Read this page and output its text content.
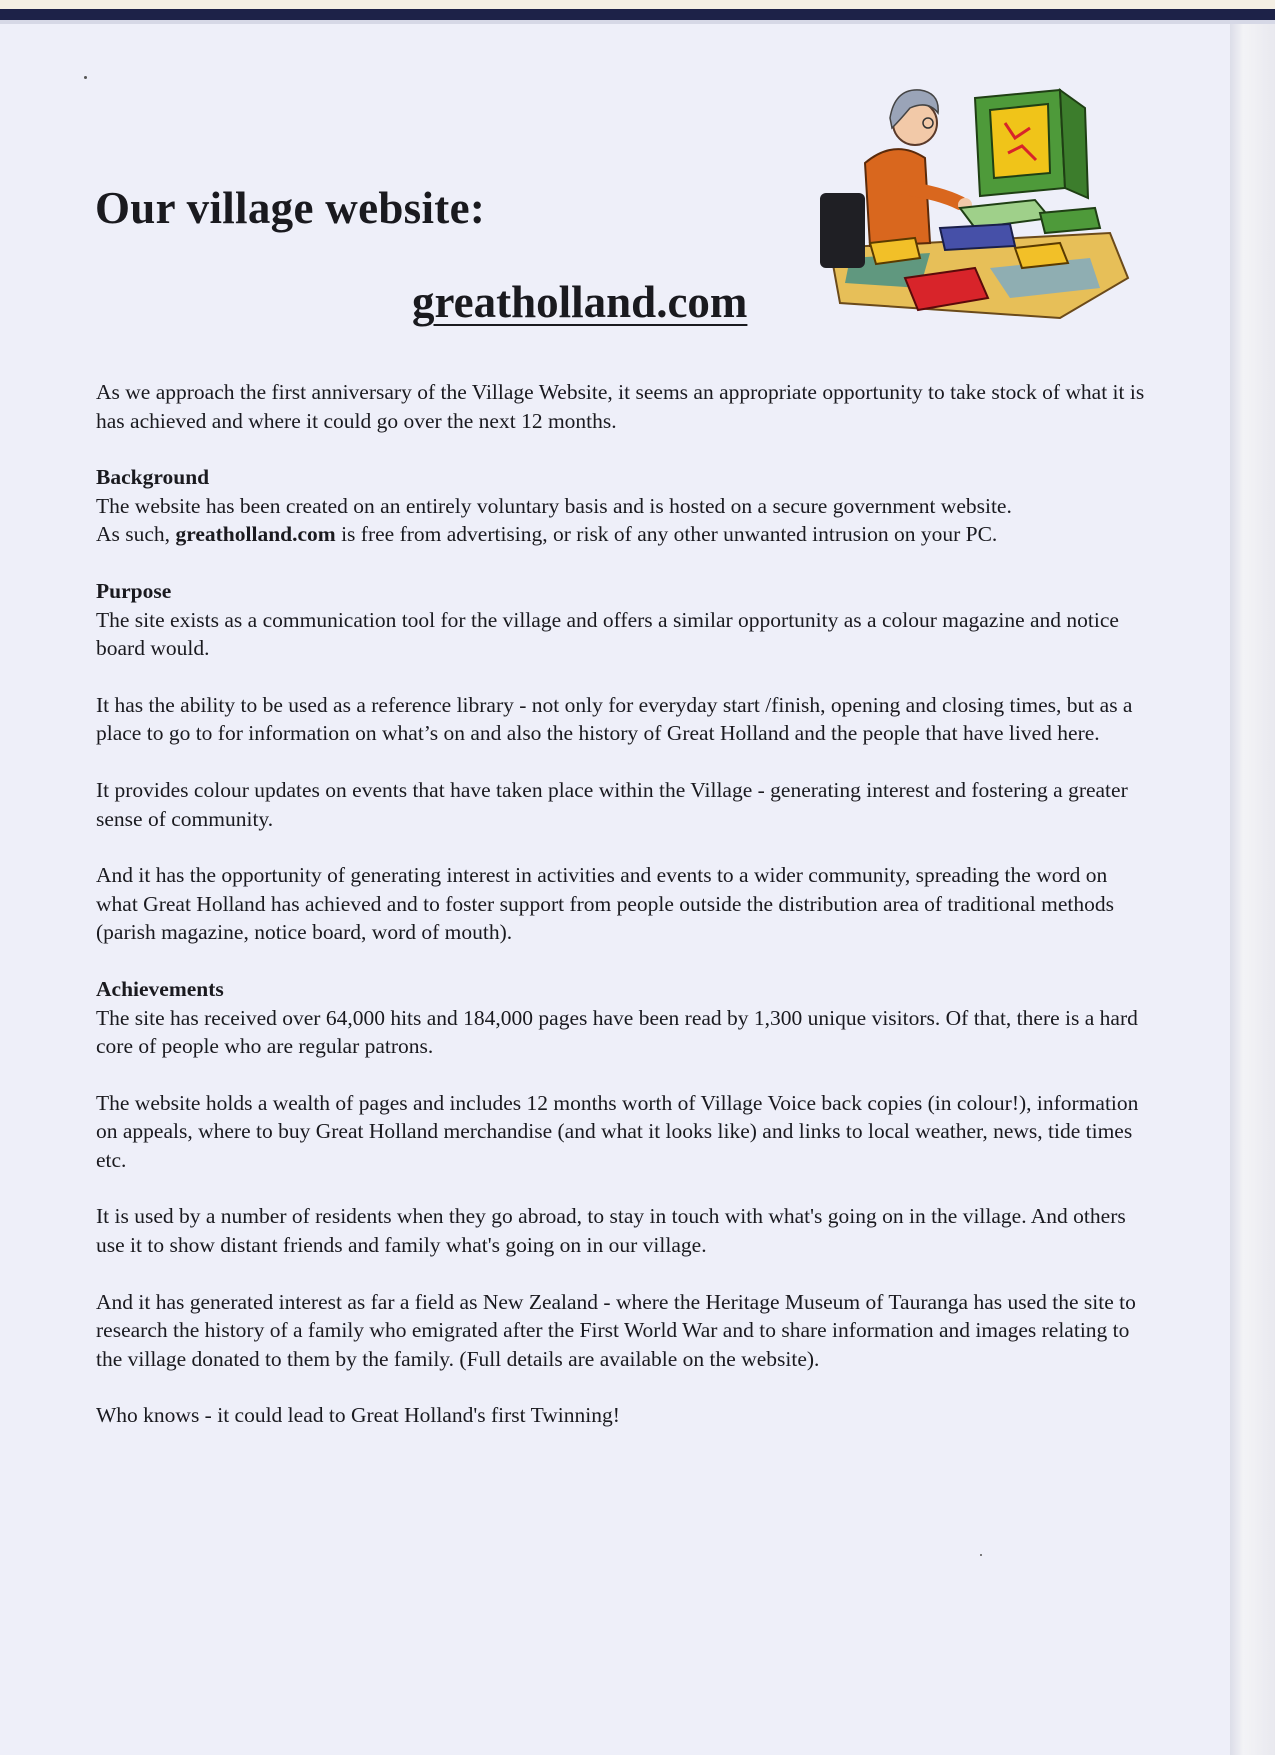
Our village website:
greatholland.com

As we approach the first anniversary of the Village Website, it seems an appropriate opportunity to take stock of what it is has achieved and where it could go over the next 12 months.

Background

The website has been created on an entirely voluntary basis and is hosted on a secure government website.
As such, greatholland.com is free from advertising, or risk of any other unwanted intrusion on your PC.

Purpose

The site exists as a communication tool for the village and offers a similar opportunity as a colour magazine and notice board would.

It has the ability to be used as a reference library - not only for everyday start /finish, opening and closing times, but as a place to go to for information on what’s on and also the history of Great Holland and the people that have lived here.

It provides colour updates on events that have taken place within the Village - generating interest and fostering a greater sense of community.

And it has the opportunity of generating interest in activities and events to a wider community, spreading the word on what Great Holland has achieved and to foster support from people outside the distribution area of traditional methods (parish magazine, notice board, word of mouth).

Achievements

The site has received over 64,000 hits and 184,000 pages have been read by 1,300 unique visitors. Of that, there is a hard core of people who are regular patrons.

The website holds a wealth of pages and includes 12 months worth of Village Voice back copies (in colour!), information on appeals, where to buy Great Holland merchandise (and what it looks like) and links to local weather, news, tide times etc.

It is used by a number of residents when they go abroad, to stay in touch with what's going on in the village. And others use it to show distant friends and family what's going on in our village.

And it has generated interest as far a field as New Zealand - where the Heritage Museum of Tauranga has used the site to research the history of a family who emigrated after the First World War and to share information and images relating to the village donated to them by the family. (Full details are available on the website).

Who knows - it could lead to Great Holland's first Twinning!
